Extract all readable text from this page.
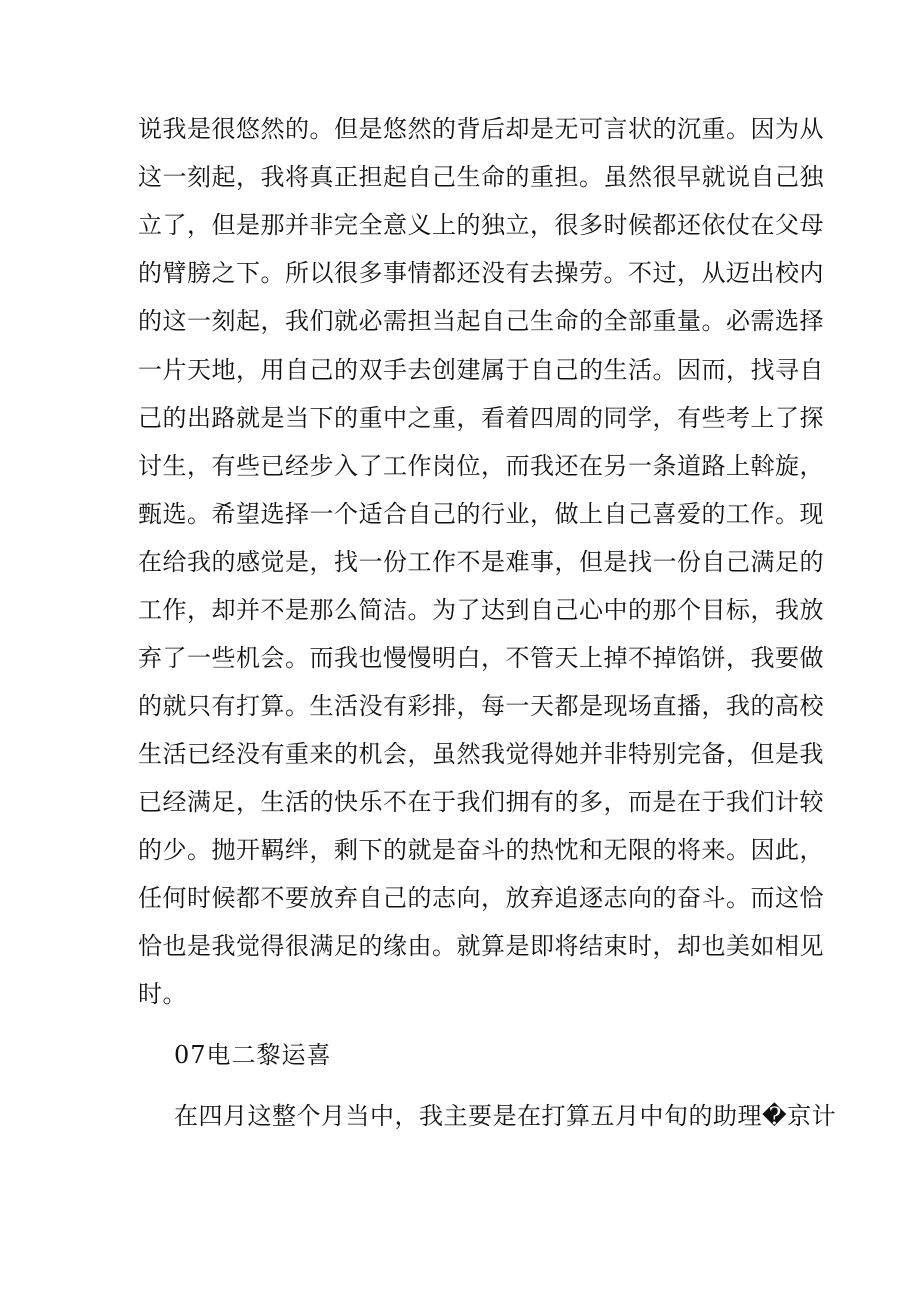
说我是很悠然的。但是悠然的背后却是无可言状的沉重。因为从
这一刻起，我将真正担起自己生命的重担。虽然很早就说自己独
立了，但是那并非完全意义上的独立，很多时候都还依仗在父母
的臂膀之下。所以很多事情都还没有去操劳。不过，从迈出校内
的这一刻起，我们就必需担当起自己生命的全部重量。必需选择
一片天地，用自己的双手去创建属于自己的生活。因而，找寻自
己的出路就是当下的重中之重，看着四周的同学，有些考上了探
讨生，有些已经步入了工作岗位，而我还在另一条道路上斡旋，
甄选。希望选择一个适合自己的行业，做上自己喜爱的工作。现
在给我的感觉是，找一份工作不是难事，但是找一份自己满足的
工作，却并不是那么简洁。为了达到自己心中的那个目标，我放
弃了一些机会。而我也慢慢明白，不管天上掉不掉馅饼，我要做
的就只有打算。生活没有彩排，每一天都是现场直播，我的高校
生活已经没有重来的机会，虽然我觉得她并非特别完备，但是我
已经满足，生活的快乐不在于我们拥有的多，而是在于我们计较
的少。抛开羁绊，剩下的就是奋斗的热忱和无限的将来。因此，
任何时候都不要放弃自己的志向，放弃追逐志向的奋斗。而这恰
恰也是我觉得很满足的缘由。就算是即将结束时，却也美如相见
时。
07电二黎运喜
在四月这整个月当中，我主要是在打算五月中旬的助理�京计
